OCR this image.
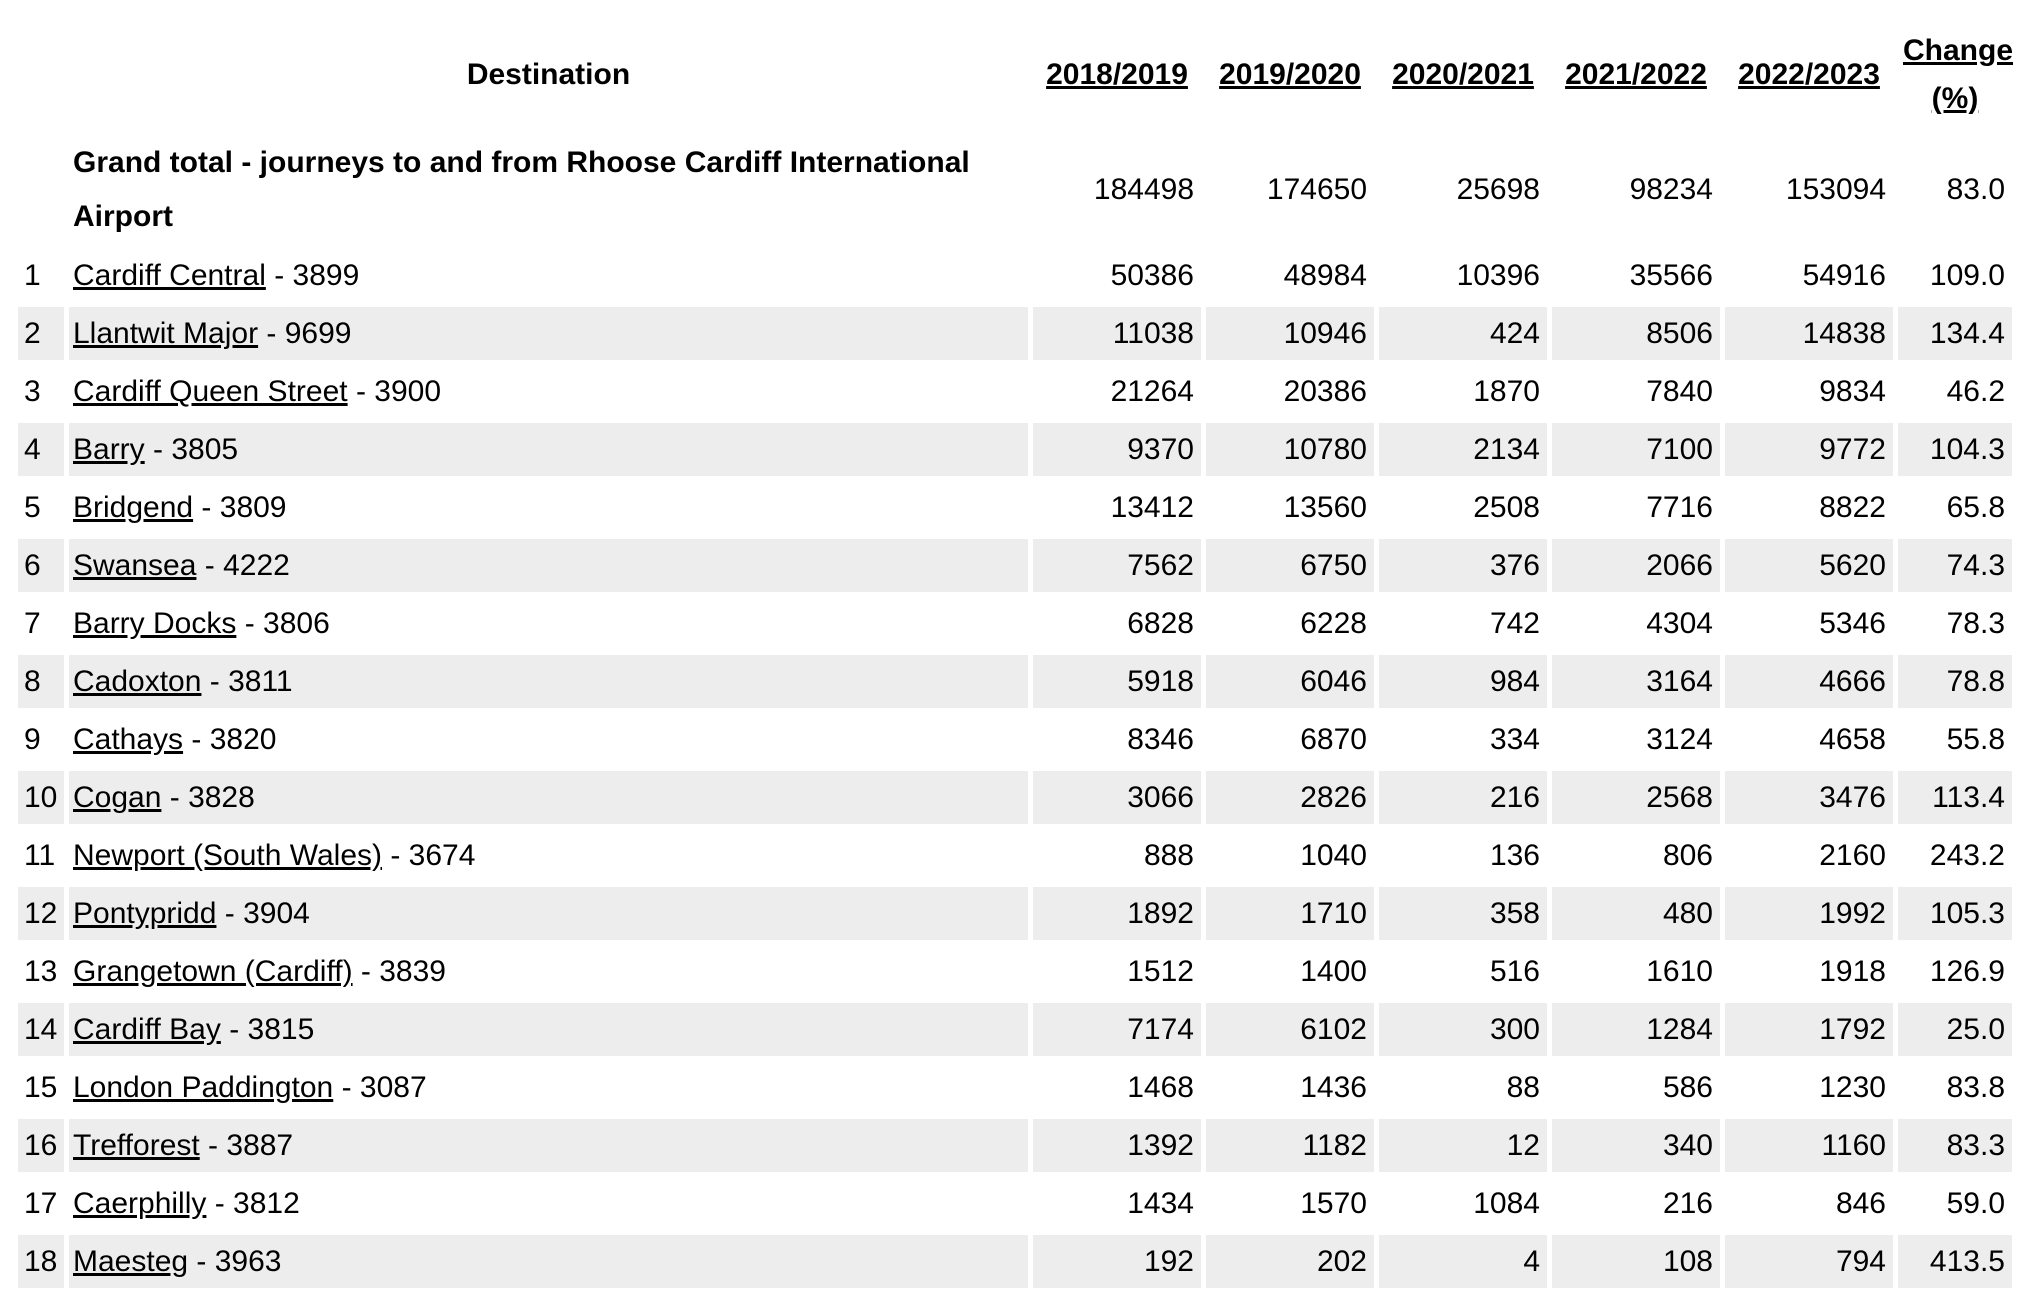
	Destination	2018/2019	2019/2020	2020/2021	2021/2022	2022/2023	Change (%)
	Grand total - journeys to and from Rhoose Cardiff International Airport	184498	174650	25698	98234	153094	83.0
1	Cardiff Central - 3899	50386	48984	10396	35566	54916	109.0
2	Llantwit Major - 9699	11038	10946	424	8506	14838	134.4
3	Cardiff Queen Street - 3900	21264	20386	1870	7840	9834	46.2
4	Barry - 3805	9370	10780	2134	7100	9772	104.3
5	Bridgend - 3809	13412	13560	2508	7716	8822	65.8
6	Swansea - 4222	7562	6750	376	2066	5620	74.3
7	Barry Docks - 3806	6828	6228	742	4304	5346	78.3
8	Cadoxton - 3811	5918	6046	984	3164	4666	78.8
9	Cathays - 3820	8346	6870	334	3124	4658	55.8
10	Cogan - 3828	3066	2826	216	2568	3476	113.4
11	Newport (South Wales) - 3674	888	1040	136	806	2160	243.2
12	Pontypridd - 3904	1892	1710	358	480	1992	105.3
13	Grangetown (Cardiff) - 3839	1512	1400	516	1610	1918	126.9
14	Cardiff Bay - 3815	7174	6102	300	1284	1792	25.0
15	London Paddington - 3087	1468	1436	88	586	1230	83.8
16	Trefforest - 3887	1392	1182	12	340	1160	83.3
17	Caerphilly - 3812	1434	1570	1084	216	846	59.0
18	Maesteg - 3963	192	202	4	108	794	413.5
